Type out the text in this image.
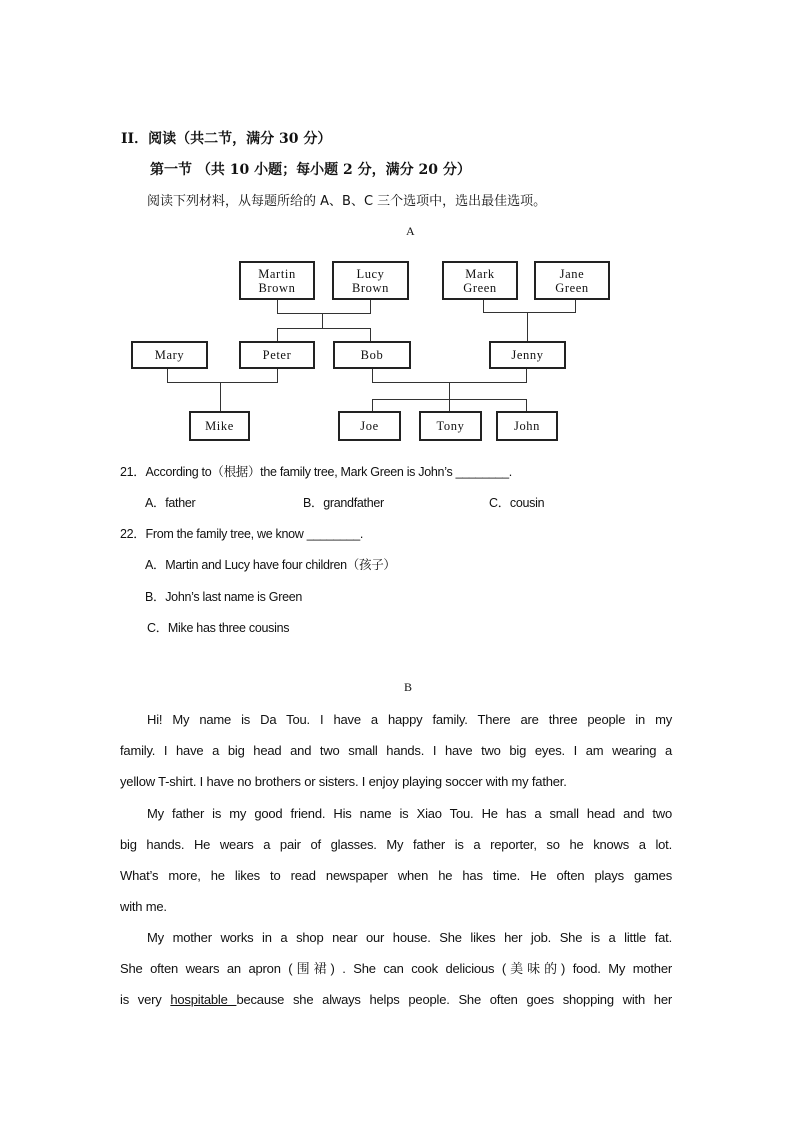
II．阅读（共二节，满分 30 分）
第一节 （共 10 小题；每小题 2 分，满分 20 分）
阅读下列材料，从每题所给的 A、B、C 三个选项中，选出最佳选项。
A
Martin
Brown
Lucy
Brown
Mark
Green
Jane
Green
Mary	Peter	Bob	Jenny
Mike	Joe	Tony	John
21．According to（根据）the family tree, Mark Green is John’s ________.
A．father	B．grandfather	C．cousin
22．From the family tree, we know ________.
A．Martin and Lucy have four children（孩子）
B．John’s last name is Green
C．Mike has three cousins
B
Hi! My name is Da Tou. I have a happy family. There are three people in my
family. I have a big head and two small hands. I have two big eyes. I am wearing a
yellow T-shirt. I have no brothers or sisters. I enjoy playing soccer with my father.
My father is my good friend. His name is Xiao Tou. He has a small head and two
big hands. He wears a pair of glasses. My father is a reporter, so he knows a lot.
What’s more, he likes to read newspaper when he has time. He often plays games
with me.
My mother works in a shop near our house. She likes her job. She is a little fat.
She often wears an apron (围裙) . She can cook delicious (美味的) food. My mother
is very hospitable because she always helps people. She often goes shopping with her
